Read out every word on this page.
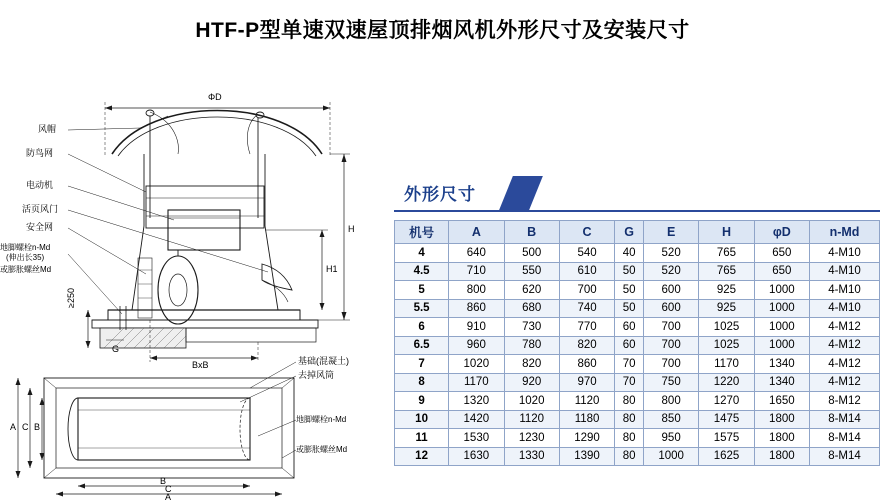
HTF-P型单速双速屋顶排烟风机外形尺寸及安装尺寸
ΦD
H
H1
BxB
G
≥250
风帽
防鸟网
电动机
活页风门
安全网
地脚螺栓n-Md
(伸出长35)
或膨胀螺丝Md
基础(混凝土)
去掉风筒
地脚螺栓n-Md
或膨胀螺丝Md
A C B
B
C
A
外形尺寸
机号	A	B	C	G	E	H	φD	n-Md
4	640	500	540	40	520	765	650	4-M10
4.5	710	550	610	50	520	765	650	4-M10
5	800	620	700	50	600	925	1000	4-M10
5.5	860	680	740	50	600	925	1000	4-M10
6	910	730	770	60	700	1025	1000	4-M12
6.5	960	780	820	60	700	1025	1000	4-M12
7	1020	820	860	70	700	1170	1340	4-M12
8	1170	920	970	70	750	1220	1340	4-M12
9	1320	1020	1120	80	800	1270	1650	8-M12
10	1420	1120	1180	80	850	1475	1800	8-M14
11	1530	1230	1290	80	950	1575	1800	8-M14
12	1630	1330	1390	80	1000	1625	1800	8-M14
